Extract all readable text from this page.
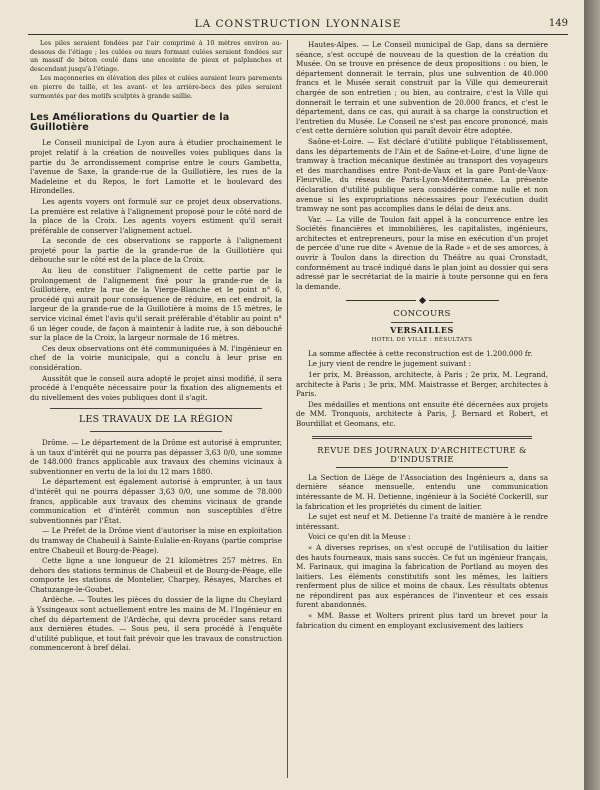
LA CONSTRUCTION LYONNAISE	149

Les piles seraient fondées par l'air comprimé à 10 mètres environ au-dessous de l'étiage ; les culées ou murs formant culées seraient fondées sur un massif de béton coulé dans une enceinte de pieux et palplanches et descendant jusqu'à l'étiage.

Les maçonneries en élévation des piles et culées auraient leurs parements en pierre de taille, et les avant- et les arrière-becs des piles seraient surmontés par des motifs sculptés à grande saillie.

Les Améliorations du Quartier de la Guillotière

Le Conseil municipal de Lyon aura à étudier prochainement le projet relatif à la création de nouvelles voies publiques dans la partie du 3e arrondissement comprise entre le cours Gambetta, l'avenue de Saxe, la grande-rue de la Guillotière, les rues de la Madeleine et du Repos, le fort Lamotte et le boulevard des Hirondelles.

Les agents voyers ont formulé sur ce projet deux observations. La première est relative à l'alignement proposé pour le côté nord de la place de la Croix. Les agents voyers estiment qu'il serait préférable de conserver l'alignement actuel.

La seconde de ces observations se rapporte à l'alignement projeté pour la partie de la grande-rue de la Guillotière qui débouche sur le côté est de la place de la Croix.

Au lieu de constituer l'alignement de cette partie par le prolongement de l'alignement fixé pour la grande-rue de la Guillotière, entre la rue de la Vierge-Blanche et le point n° 6, procédé qui aurait pour conséquence de réduire, en cet endroit, la largeur de la grande-rue de la Guillotière à moins de 15 mètres, le service vicinal émet l'avis qu'il serait préférable d'établir au point n° 6 un léger coude, de façon à maintenir à ladite rue, à son débouché sur la place de la Croix, la largeur normale de 16 mètres.

Ces deux observations ont été communiquées à M. l'ingénieur en chef de la voirie municipale, qui a conclu à leur prise en considération.

Aussitôt que le conseil aura adopté le projet ainsi modifié, il sera procédé à l'enquête nécessaire pour la fixation des alignements et du nivellement des voies publiques dont il s'agit.

LES TRAVAUX DE LA RÉGION

Drôme. — Le département de la Drôme est autorisé à emprunter, à un taux d'intérêt qui ne pourra pas dépasser 3,63 0/0, une somme de 148.000 francs applicable aux travaux des chemins vicinaux à subventionner en vertu de la loi du 12 mars 1880.

Le département est également autorisé à emprunter, à un taux d'intérêt qui ne pourra dépasser 3,63 0/0, une somme de 78.000 francs, applicable aux travaux des chemins vicinaux de grande communication et d'intérêt commun non susceptibles d'être subventionnés par l'État.

— Le Préfet de la Drôme vient d'autoriser la mise en exploitation du tramway de Chabeuil à Sainte-Eulalie-en-Royans (partie comprise entre Chabeuil et Bourg-de-Péage).

Cette ligne a une longueur de 21 kilomètres 257 mètres. En dehors des stations terminus de Chabeuil et de Bourg-de-Péage, elle comporte les stations de Montelier, Charpey, Résayes, Marches et Chatuzange-le-Goubet.

Ardèche. — Toutes les pièces du dossier de la ligne du Cheylard à Yssingeaux sont actuellement entre les mains de M. l'Ingénieur en chef du département de l'Ardèche, qui devra procéder sans retard aux dernières études. — Sous peu, il sera procédé à l'enquête d'utilité publique, et tout fait prévoir que les travaux de construction commenceront à bref délai.

Hautes-Alpes. — Le Conseil municipal de Gap, dans sa dernière séance, s'est occupé de nouveau de la question de la création du Musée. On se trouve en présence de deux propositions : ou bien, le département donnerait le terrain, plus une subvention de 40.000 francs et le Musée serait construit par la Ville qui demeurerait chargée de son entretien ; ou bien, au contraire, c'est la Ville qui donnerait le terrain et une subvention de 20.000 francs, et c'est le département, dans ce cas, qui aurait à sa charge la construction et l'entretien du Musée. Le Conseil ne s'est pas encore prononcé, mais c'est cette dernière solution qui paraît devoir être adoptée.

Saône-et-Loire. — Est déclaré d'utilité publique l'établissement, dans les départements de l'Ain et de Saône-et-Loire, d'une ligne de tramway à traction mécanique destinée au transport des voyageurs et des marchandises entre Pont-de-Vaux et la gare Pont-de-Vaux-Fleurville, du réseau de Paris-Lyon-Méditerranée. La présente déclaration d'utilité publique sera considérée comme nulle et non avenue si les expropriations nécessaires pour l'exécution dudit tramway ne sont pas accomplies dans le délai de deux ans.

Var. — La ville de Toulon fait appel à la concurrence entre les Sociétés financières et immobilières, les capitalistes, ingénieurs, architectes et entrepreneurs, pour la mise en exécution d'un projet de percée d'une rue dite « Avenue de la Rade » et de ses amorces, à ouvrir à Toulon dans la direction du Théâtre au quai Cronstadt, conformément au tracé indiqué dans le plan joint au dossier qui sera adressé par le secrétariat de la mairie à toute personne qui en fera la demande.

CONCOURS
VERSAILLES
HOTEL DE VILLE : RÉSULTATS

La somme affectée à cette reconstruction est de 1.200.000 fr.

Le jury vient de rendre le jugement suivant :

1er prix, M. Bréasson, architecte, à Paris ; 2e prix, M. Legrand, architecte à Paris ; 3e prix, MM. Maistrasse et Berger, architectes à Paris.

Des médailles et mentions ont ensuite été décernées aux projets de MM. Tronquois, architecte à Paris, J. Bernard et Robert, et Bourdillat et Geomans, etc.

REVUE DES JOURNAUX D'ARCHITECTURE & D'INDUSTRIE

La Section de Liège de l'Association des Ingénieurs a, dans sa dernière séance mensuelle, entendu une communication intéressante de M. H. Detienne, ingénieur à la Société Cockerill, sur la fabrication et les propriétés du ciment de laitier.

Le sujet est neuf et M. Detienne l'a traité de manière à le rendre intéressant.

Voici ce qu'en dit la Meuse :

« A diverses reprises, on s'est occupé de l'utilisation du laitier des hauts fourneaux, mais sans succès. Ce fut un ingénieur français, M. Farinaux, qui imagina la fabrication de Portland au moyen des laitiers. Les éléments constitutifs sont les mêmes, les laitiers renferment plus de silice et moins de chaux. Les résultats obtenus ne répondirent pas aux espérances de l'inventeur et ces essais furent abandonnés.

« MM. Basse et Wolters prirent plus tard un brevet pour la fabrication du ciment en employant exclusivement des laitiers
